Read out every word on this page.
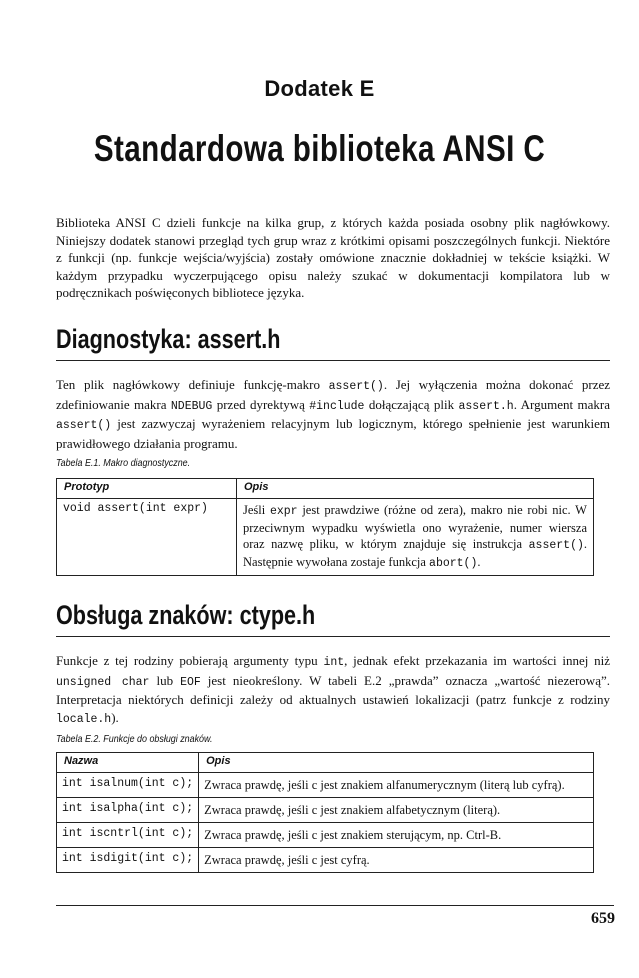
Dodatek E
Standardowa biblioteka ANSI C

Biblioteka ANSI C dzieli funkcje na kilka grup, z których każda posiada osobny plik nagłówkowy. Niniejszy dodatek stanowi przegląd tych grup wraz z krótkimi opisami poszczególnych funkcji. Niektóre z funkcji (np. funkcje wejścia/wyjścia) zostały omówione znacznie dokładniej w tekście książki. W każdym przypadku wyczerpującego opisu należy szukać w dokumentacji kompilatora lub w podręcznikach poświęconych bibliotece języka.

Diagnostyka: assert.h

Ten plik nagłówkowy definiuje funkcję-makro assert(). Jej wyłączenia można dokonać przez zdefiniowanie makra NDEBUG przed dyrektywą #include dołączającą plik assert.h. Argument makra assert() jest zazwyczaj wyrażeniem relacyjnym lub logicznym, którego spełnienie jest warunkiem prawidłowego działania programu.

Tabela E.1. Makro diagnostyczne.
Prototyp	Opis
void assert(int expr)	Jeśli expr jest prawdziwe (różne od zera), makro nie robi nic. W przeciwnym wypadku wyświetla ono wyrażenie, numer wiersza oraz nazwę pliku, w którym znajduje się instrukcja assert(). Następnie wywołana zostaje funkcja abort().
Obsługa znaków: ctype.h

Funkcje z tej rodziny pobierają argumenty typu int, jednak efekt przekazania im wartości innej niż unsigned char lub EOF jest nieokreślony. W tabeli E.2 „prawda” oznacza „wartość niezerową”. Interpretacja niektórych definicji zależy od aktualnych ustawień lokalizacji (patrz funkcje z rodziny locale.h).

Tabela E.2. Funkcje do obsługi znaków.
Nazwa	Opis
int isalnum(int c);	Zwraca prawdę, jeśli c jest znakiem alfanumerycznym (literą lub cyfrą).
int isalpha(int c);	Zwraca prawdę, jeśli c jest znakiem alfabetycznym (literą).
int iscntrl(int c);	Zwraca prawdę, jeśli c jest znakiem sterującym, np. Ctrl-B.
int isdigit(int c);	Zwraca prawdę, jeśli c jest cyfrą.
659
